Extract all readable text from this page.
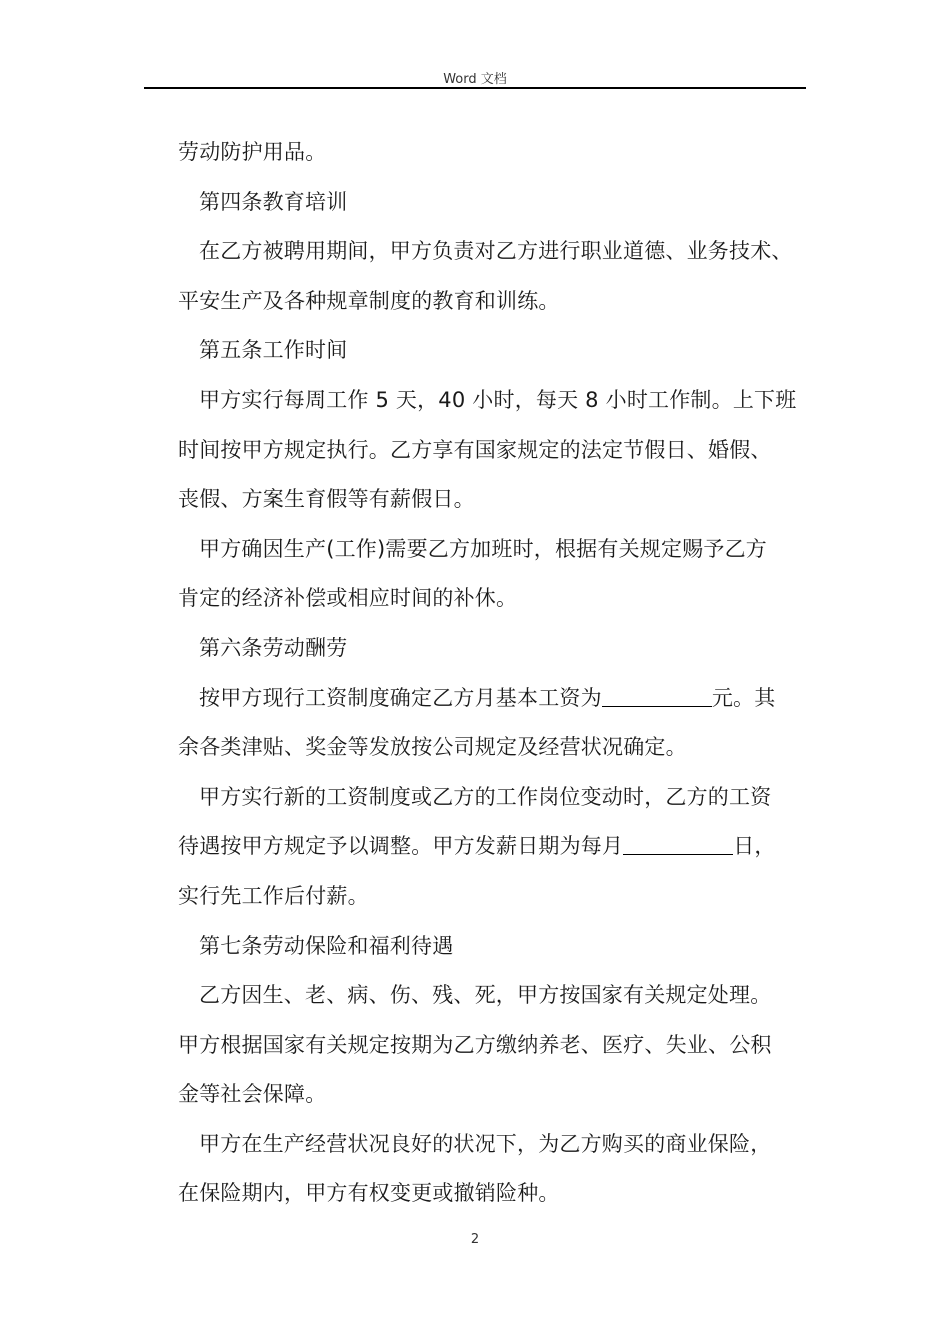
Word 文档
劳动防护用品。
第四条教育培训
在乙方被聘用期间，甲方负责对乙方进行职业道德、业务技术、
平安生产及各种规章制度的教育和训练。
第五条工作时间
甲方实行每周工作 5 天，40 小时，每天 8 小时工作制。上下班
时间按甲方规定执行。乙方享有国家规定的法定节假日、婚假、
丧假、方案生育假等有薪假日。
甲方确因生产(工作)需要乙方加班时，根据有关规定赐予乙方
肯定的经济补偿或相应时间的补休。
第六条劳动酬劳
按甲方现行工资制度确定乙方月基本工资为	元。其
余各类津贴、奖金等发放按公司规定及经营状况确定。
甲方实行新的工资制度或乙方的工作岗位变动时，乙方的工资
待遇按甲方规定予以调整。甲方发薪日期为每月	日，
实行先工作后付薪。
第七条劳动保险和福利待遇
乙方因生、老、病、伤、残、死，甲方按国家有关规定处理。
甲方根据国家有关规定按期为乙方缴纳养老、医疗、失业、公积
金等社会保障。
甲方在生产经营状况良好的状况下，为乙方购买的商业保险，
在保险期内，甲方有权变更或撤销险种。
2
